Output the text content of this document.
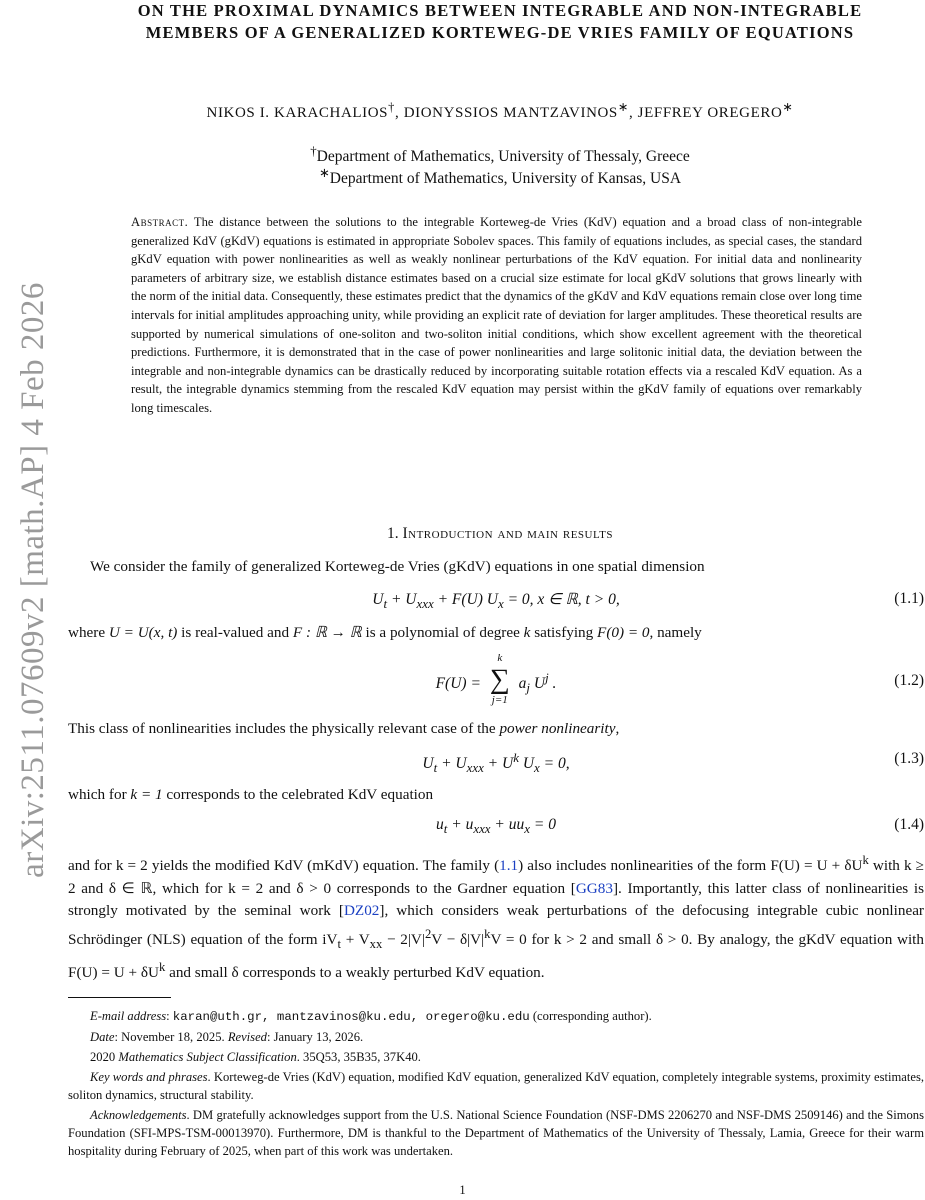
arXiv:2511.07609v2 [math.AP] 4 Feb 2026
ON THE PROXIMAL DYNAMICS BETWEEN INTEGRABLE AND NON-INTEGRABLE
MEMBERS OF A GENERALIZED KORTEWEG-DE VRIES FAMILY OF EQUATIONS
NIKOS I. KARACHALIOS†, DIONYSSIOS MANTZAVINOS∗, JEFFREY OREGERO∗
†Department of Mathematics, University of Thessaly, Greece
∗Department of Mathematics, University of Kansas, USA
Abstract. The distance between the solutions to the integrable Korteweg-de Vries (KdV) equation and a broad class of non-integrable generalized KdV (gKdV) equations is estimated in appropriate Sobolev spaces. This family of equations includes, as special cases, the standard gKdV equation with power nonlinearities as well as weakly nonlinear perturbations of the KdV equation. For initial data and nonlinearity parameters of arbitrary size, we establish distance estimates based on a crucial size estimate for local gKdV solutions that grows linearly with the norm of the initial data. Consequently, these estimates predict that the dynamics of the gKdV and KdV equations remain close over long time intervals for initial amplitudes approaching unity, while providing an explicit rate of deviation for larger amplitudes. These theoretical results are supported by numerical simulations of one-soliton and two-soliton initial conditions, which show excellent agreement with the theoretical predictions. Furthermore, it is demonstrated that in the case of power nonlinearities and large solitonic initial data, the deviation between the integrable and non-integrable dynamics can be drastically reduced by incorporating suitable rotation effects via a rescaled KdV equation. As a result, the integrable dynamics stemming from the rescaled KdV equation may persist within the gKdV family of equations over remarkably long timescales.
1. Introduction and main results
We consider the family of generalized Korteweg-de Vries (gKdV) equations in one spatial dimension
$U_t + U_{xxx} + F(U) U_x = 0$, x ∈ ℝ, t > 0,	(1.1)
where U = U(x, t) is real-valued and F : ℝ → ℝ is a polynomial of degree k satisfying F(0) = 0, namely
F(U) =
k
∑
j=1
$a_j$ $U^j$ .	(1.2)
This class of nonlinearities includes the physically relevant case of the power nonlinearity,
$U_t + U_{xxx} + U^k$ $U_x = 0$,	(1.3)
which for k = 1 corresponds to the celebrated KdV equation
$u_t + u_{xxx} + uu_x = 0$	(1.4)
and for k = 2 yields the modified KdV (mKdV) equation. The family (1.1) also includes nonlinearities of the form $F(U) = U + \delta U^k$ with k ≥ 2 and δ ∈ ℝ, which for k = 2 and δ > 0 corresponds to the Gardner equation [GG83]. Importantly, this latter class of nonlinearities is strongly motivated by the seminal work [DZ02], which considers weak perturbations of the defocusing integrable cubic nonlinear Schrödinger (NLS) equation of the form $iV_t + V_{xx} - 2|V|^2V - \delta|V|^kV = 0$ for k > 2 and small δ > 0. By analogy, the gKdV equation with $F(U) = U + \delta U^k$ and small δ corresponds to a weakly perturbed KdV equation.
E-mail address: karan@uth.gr, mantzavinos@ku.edu, oregero@ku.edu (corresponding author).
Date: November 18, 2025. Revised: January 13, 2026.
2020 Mathematics Subject Classification. 35Q53, 35B35, 37K40.
Key words and phrases. Korteweg-de Vries (KdV) equation, modified KdV equation, generalized KdV equation, completely integrable systems, proximity estimates, soliton dynamics, structural stability.
Acknowledgements. DM gratefully acknowledges support from the U.S. National Science Foundation (NSF-DMS 2206270 and NSF-DMS 2509146) and the Simons Foundation (SFI-MPS-TSM-00013970). Furthermore, DM is thankful to the Department of Mathematics of the University of Thessaly, Lamia, Greece for their warm hospitality during February of 2025, when part of this work was undertaken.
1
